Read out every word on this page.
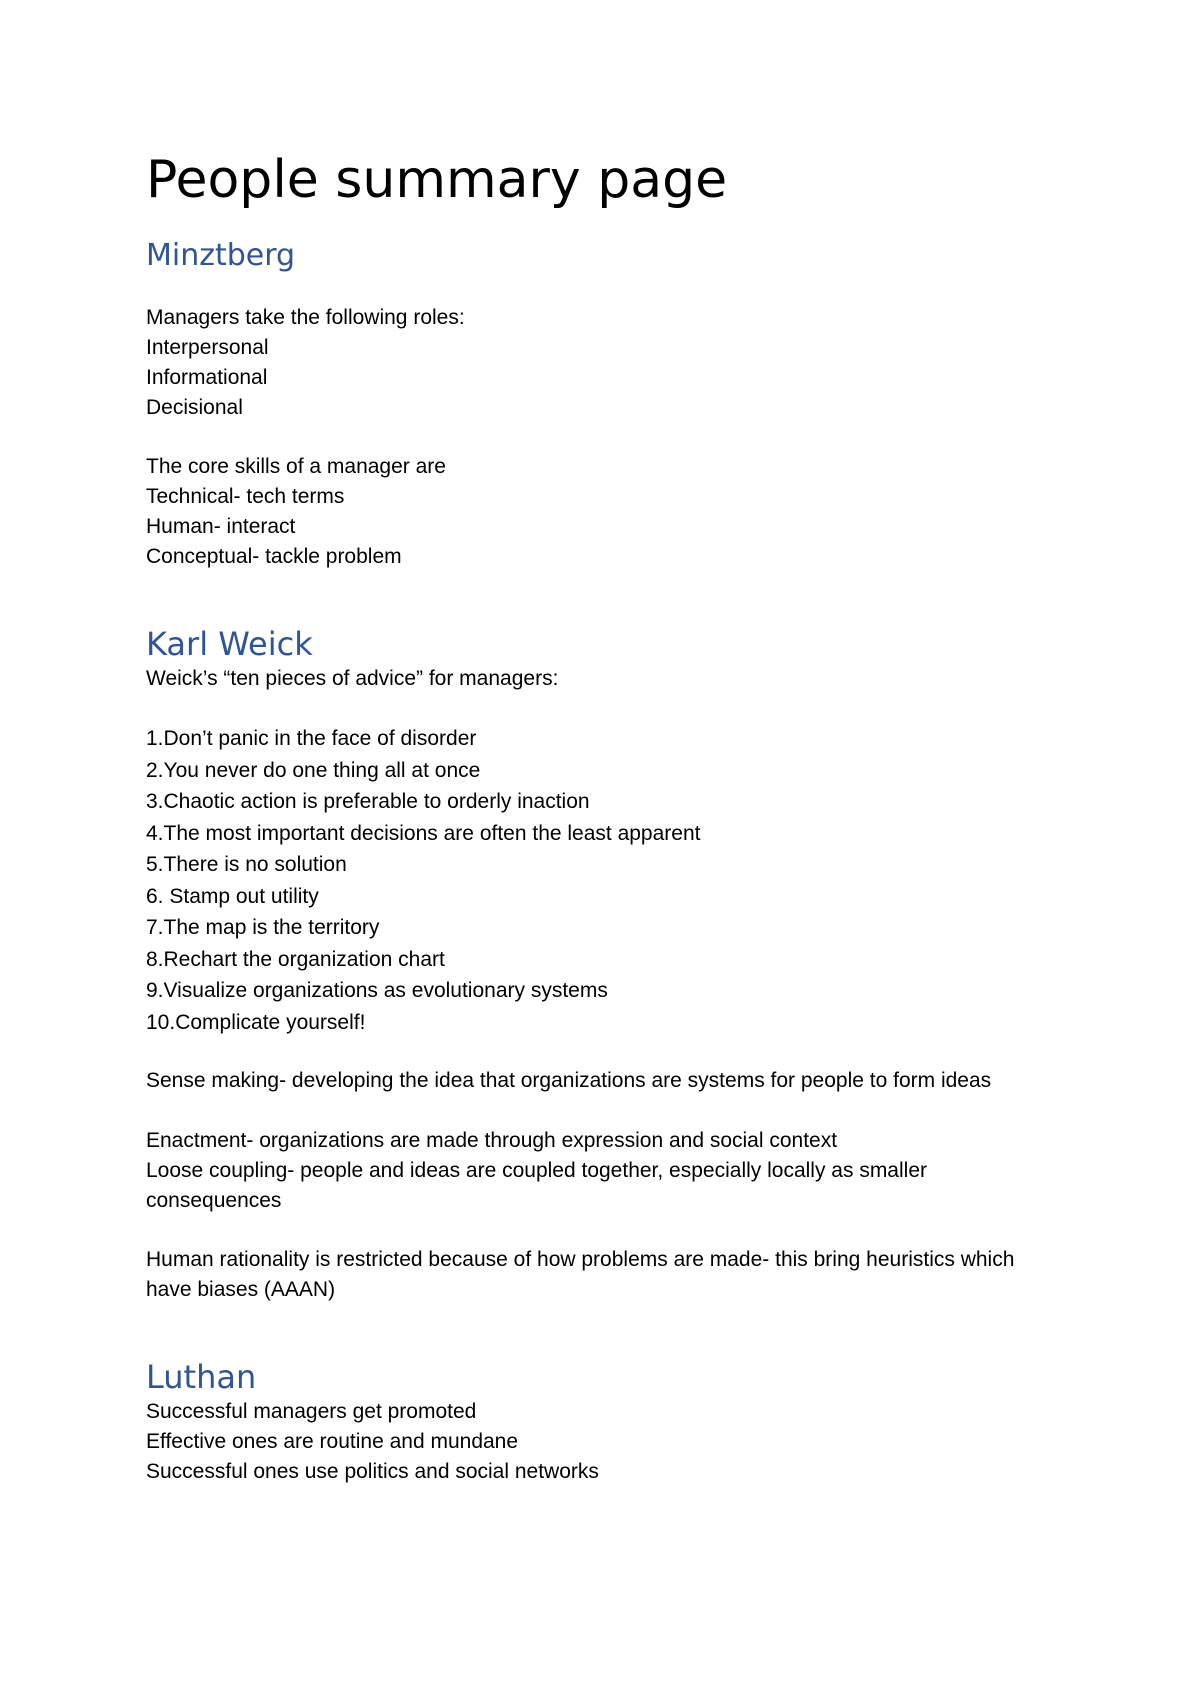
People summary page
Minztberg
Managers take the following roles:
Interpersonal
Informational
Decisional
The core skills of a manager are
Technical- tech terms
Human- interact
Conceptual- tackle problem
Karl Weick
Weick’s “ten pieces of advice” for managers:
1.Don’t panic in the face of disorder
2.You never do one thing all at once
3.Chaotic action is preferable to orderly inaction
4.The most important decisions are often the least apparent
5.There is no solution
6. Stamp out utility
7.The map is the territory
8.Rechart the organization chart
9.Visualize organizations as evolutionary systems
10.Complicate yourself!
Sense making- developing the idea that organizations are systems for people to form ideas
Enactment- organizations are made through expression and social context
Loose coupling- people and ideas are coupled together, especially locally as smaller consequences
Human rationality is restricted because of how problems are made- this bring heuristics which have biases (AAAN)
Luthan
Successful managers get promoted
Effective ones are routine and mundane
Successful ones use politics and social networks
